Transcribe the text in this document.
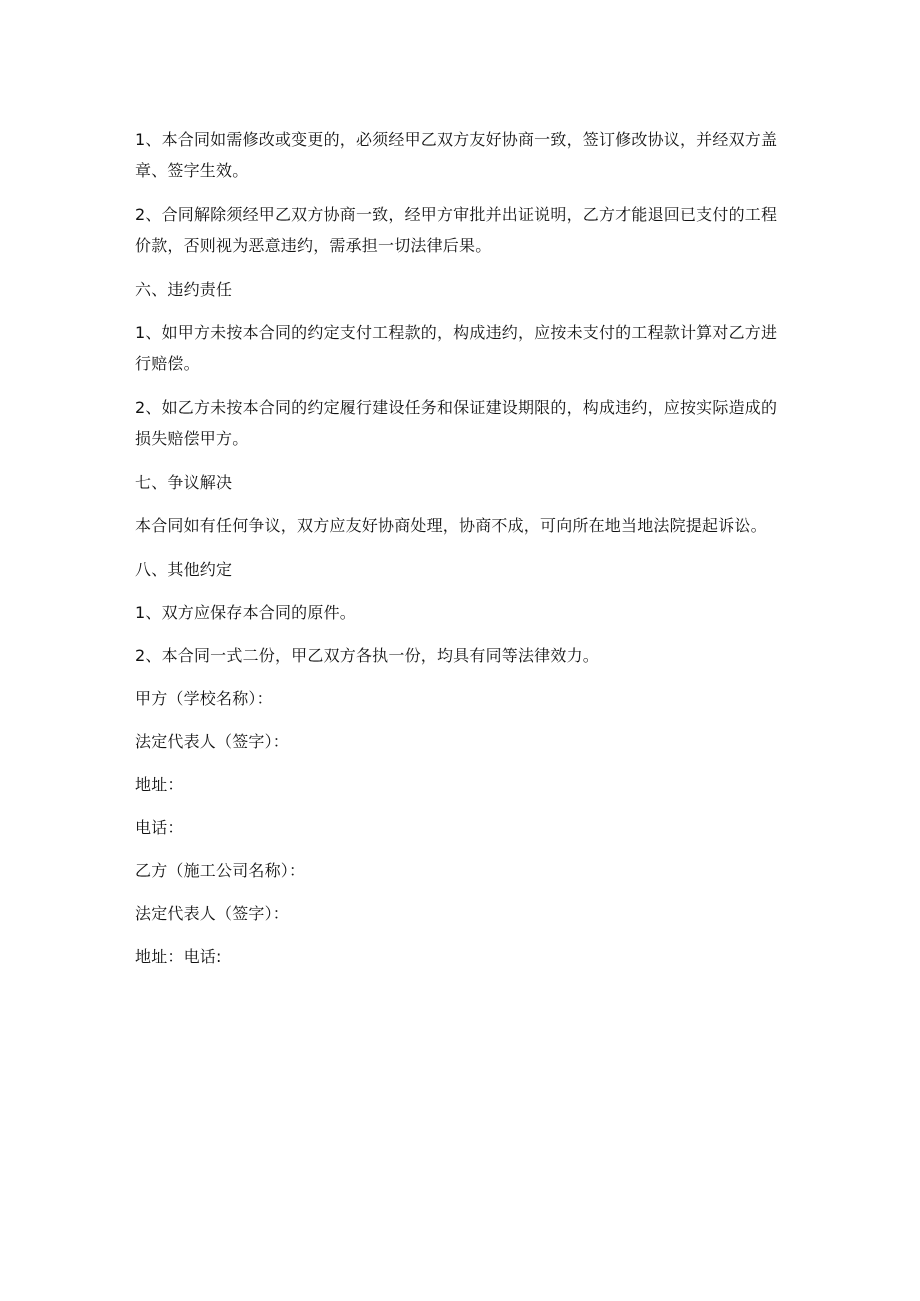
1、本合同如需修改或变更的，必须经甲乙双方友好协商一致，签订修改协议，并经双方盖章、签字生效。

2、合同解除须经甲乙双方协商一致，经甲方审批并出证说明，乙方才能退回已支付的工程价款，否则视为恶意违约，需承担一切法律后果。

六、违约责任

1、如甲方未按本合同的约定支付工程款的，构成违约，应按未支付的工程款计算对乙方进行赔偿。

2、如乙方未按本合同的约定履行建设任务和保证建设期限的，构成违约，应按实际造成的损失赔偿甲方。

七、争议解决

本合同如有任何争议，双方应友好协商处理，协商不成，可向所在地当地法院提起诉讼。

八、其他约定

1、双方应保存本合同的原件。

2、本合同一式二份，甲乙双方各执一份，均具有同等法律效力。

甲方（学校名称）：

法定代表人（签字）：

地址：

电话：

乙方（施工公司名称）：

法定代表人（签字）：

地址：电话:
